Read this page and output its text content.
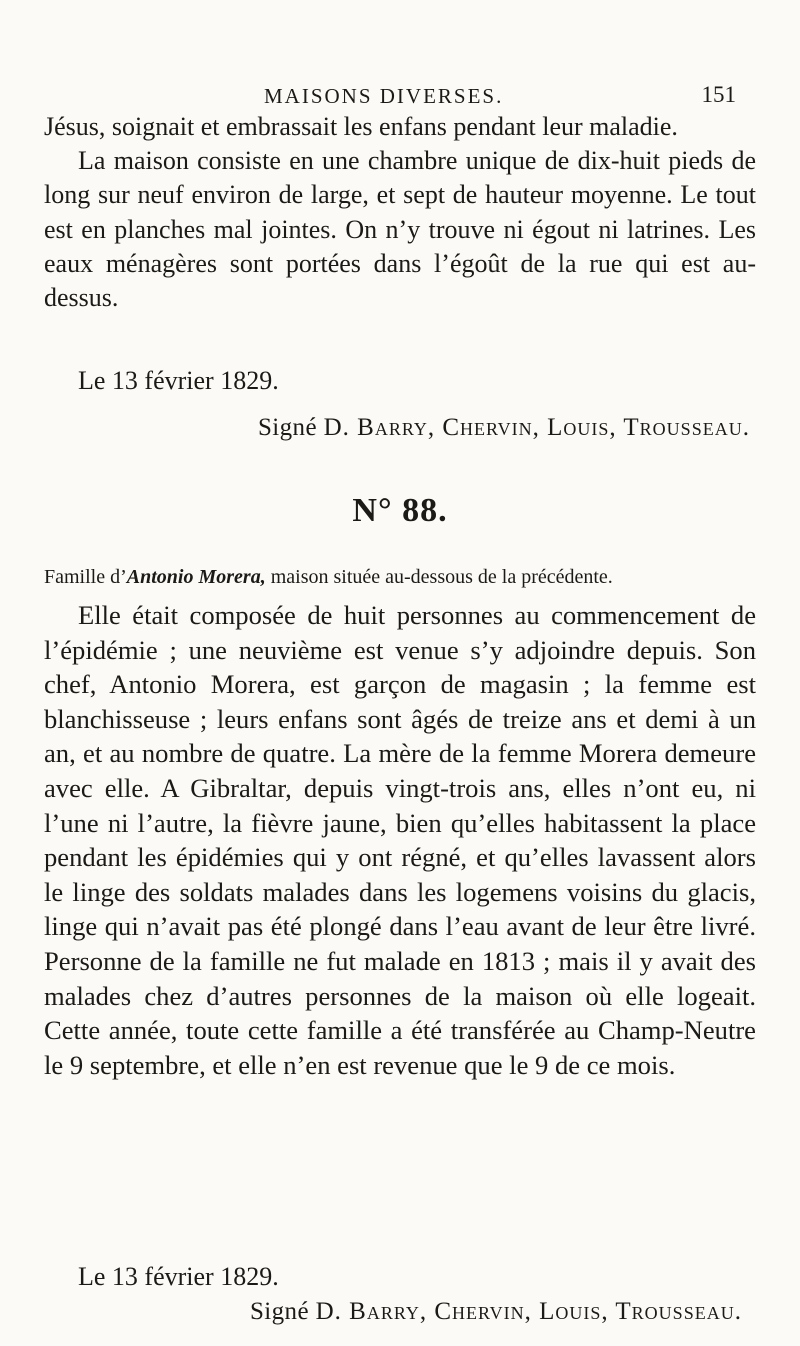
MAISONS DIVERSES.	151

Jésus, soignait et embrassait les enfans pendant leur maladie.

La maison consiste en une chambre unique de dix-huit pieds de long sur neuf environ de large, et sept de hauteur moyenne. Le tout est en planches mal jointes. On n’y trouve ni égout ni latrines. Les eaux ménagères sont portées dans l’égoût de la rue qui est au-dessus.

Le 13 février 1829.
Signé D. Barry, Chervin, Louis, Trousseau.
N° 88.
Famille d’Antonio Morera, maison située au-dessous de la précédente.

Elle était composée de huit personnes au commencement de l’épidémie ; une neuvième est venue s’y adjoindre depuis. Son chef, Antonio Morera, est garçon de magasin ; la femme est blanchisseuse ; leurs enfans sont âgés de treize ans et demi à un an, et au nombre de quatre. La mère de la femme Morera demeure avec elle. A Gibraltar, depuis vingt-trois ans, elles n’ont eu, ni l’une ni l’autre, la fièvre jaune, bien qu’elles habitassent la place pendant les épidémies qui y ont régné, et qu’elles lavassent alors le linge des soldats malades dans les logemens voisins du glacis, linge qui n’avait pas été plongé dans l’eau avant de leur être livré. Personne de la famille ne fut malade en 1813 ; mais il y avait des malades chez d’autres personnes de la maison où elle logeait. Cette année, toute cette famille a été transférée au Champ-Neutre le 9 septembre, et elle n’en est revenue que le 9 de ce mois.

Le 13 février 1829.
Signé D. Barry, Chervin, Louis, Trousseau.
